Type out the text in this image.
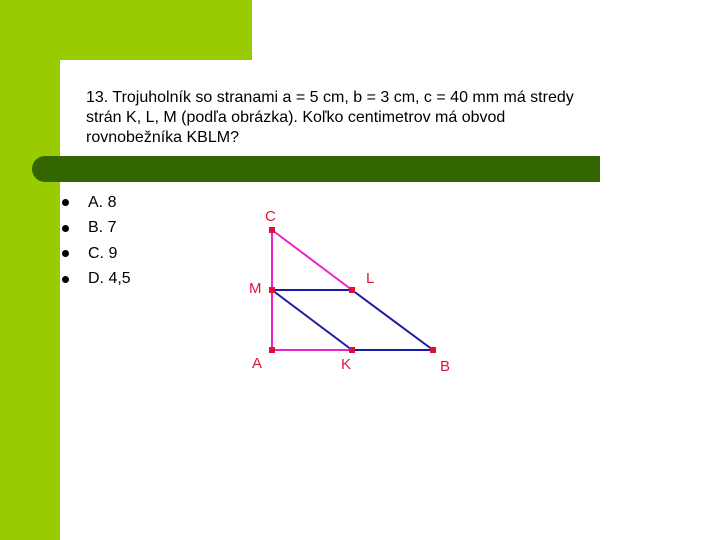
13. Trojuholník so stranami a = 5 cm, b = 3 cm, c = 40 mm má stredy
strán K, L, M (podľa obrázka). Koľko centimetrov má obvod
rovnobežníka KBLM?
A. 8
B. 7
C. 9
D. 4,5
C
L
M
A	K	B
